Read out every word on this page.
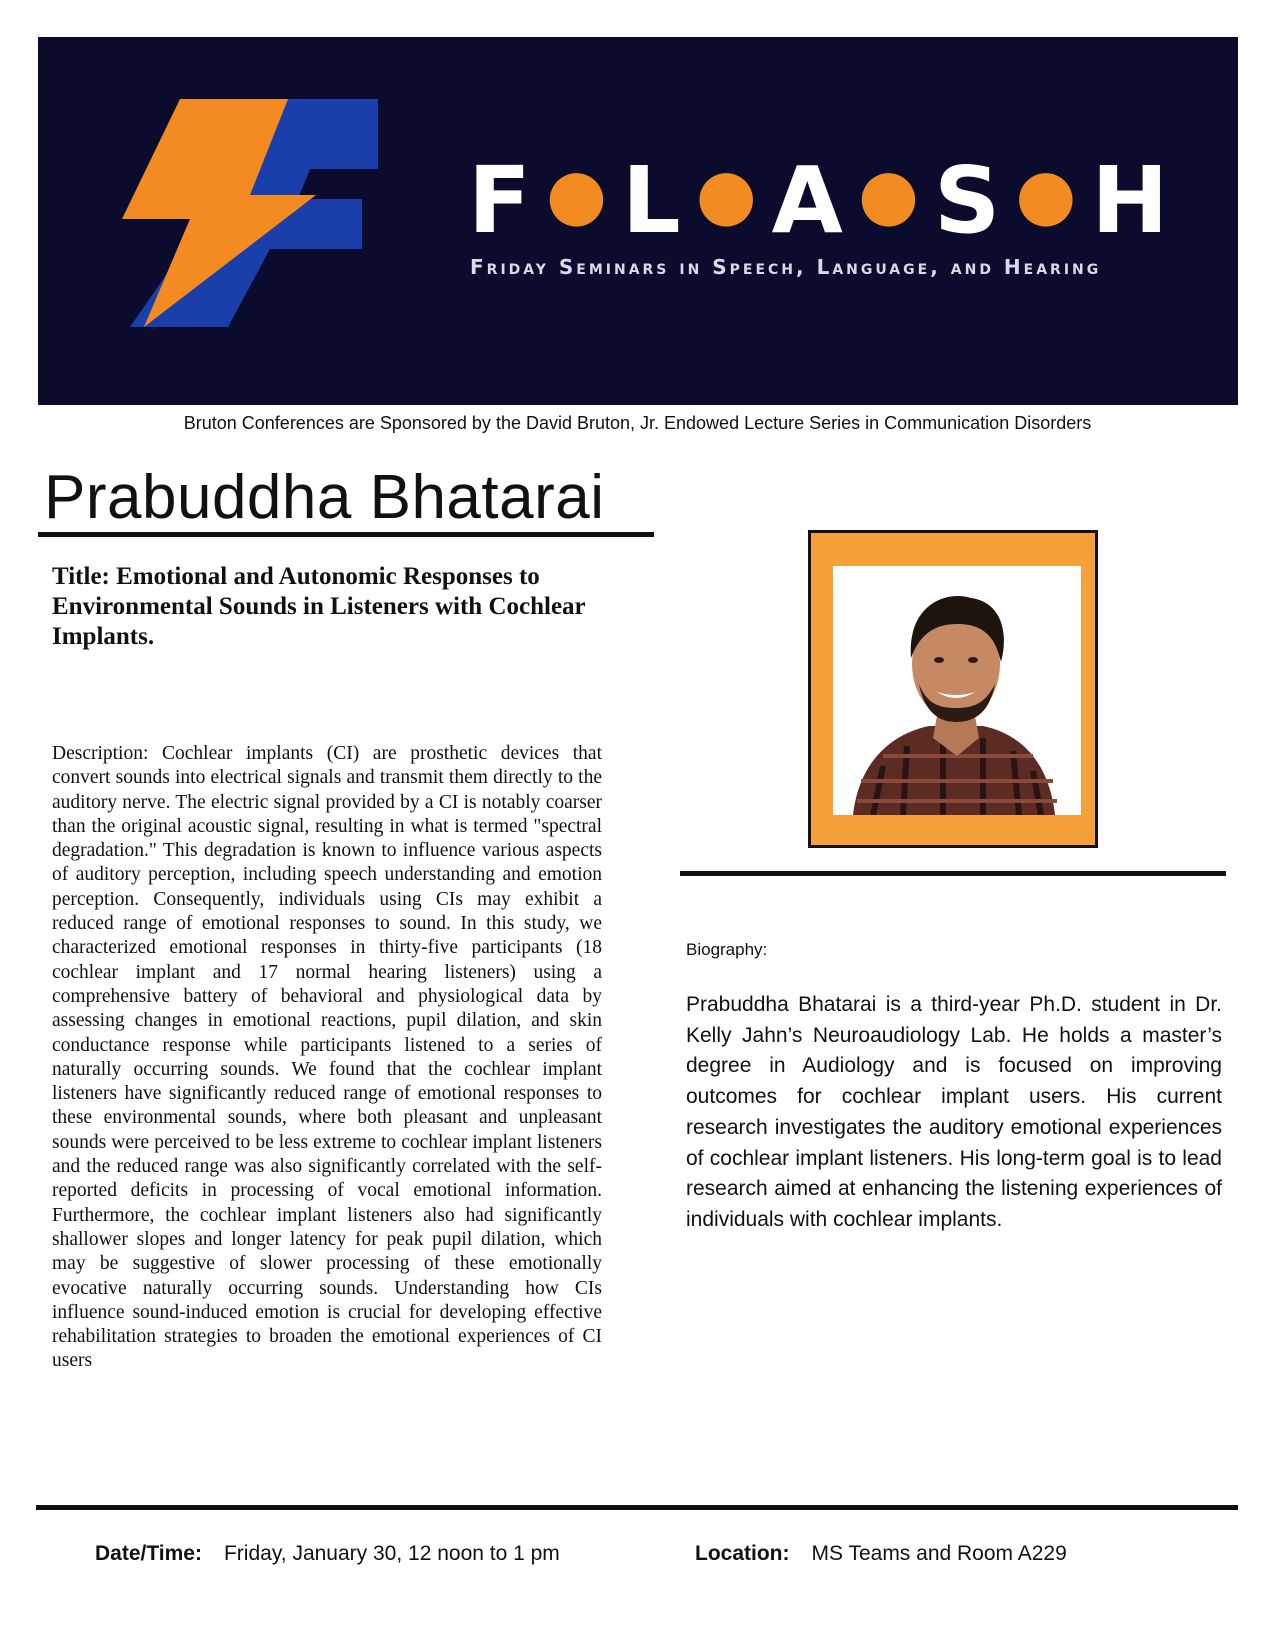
F ● L ● A ● S ● H
Friday Seminars in Speech, Language, and Hearing
Bruton Conferences are Sponsored by the David Bruton, Jr. Endowed Lecture Series in Communication Disorders
Prabuddha Bhatarai
Title: Emotional and Autonomic Responses to Environmental Sounds in Listeners with Cochlear Implants.
Description: Cochlear implants (CI) are prosthetic devices that convert sounds into electrical signals and transmit them directly to the auditory nerve. The electric signal provided by a CI is notably coarser than the original acoustic signal, resulting in what is termed "spectral degradation." This degradation is known to influence various aspects of auditory perception, including speech understanding and emotion perception. Consequently, individuals using CIs may exhibit a reduced range of emotional responses to sound. In this study, we characterized emotional responses in thirty-five participants (18 cochlear implant and 17 normal hearing listeners) using a comprehensive battery of behavioral and physiological data by assessing changes in emotional reactions, pupil dilation, and skin conductance response while participants listened to a series of naturally occurring sounds. We found that the cochlear implant listeners have significantly reduced range of emotional responses to these environmental sounds, where both pleasant and unpleasant sounds were perceived to be less extreme to cochlear implant listeners and the reduced range was also significantly correlated with the self- reported deficits in processing of vocal emotional information. Furthermore, the cochlear implant listeners also had significantly shallower slopes and longer latency for peak pupil dilation, which may be suggestive of slower processing of these emotionally evocative naturally occurring sounds. Understanding how CIs influence sound-induced emotion is crucial for developing effective rehabilitation strategies to broaden the emotional experiences of CI users
Biography:
Prabuddha Bhatarai is a third-year Ph.D. student in Dr. Kelly Jahn’s Neuroaudiology Lab. He holds a master’s degree in Audiology and is focused on improving outcomes for cochlear implant users. His current research investigates the auditory emotional experiences of cochlear implant listeners. His long-term goal is to lead research aimed at enhancing the listening experiences of individuals with cochlear implants.
Date/Time: Friday, January 30, 12 noon to 1 pm	Location: MS Teams and Room A229
